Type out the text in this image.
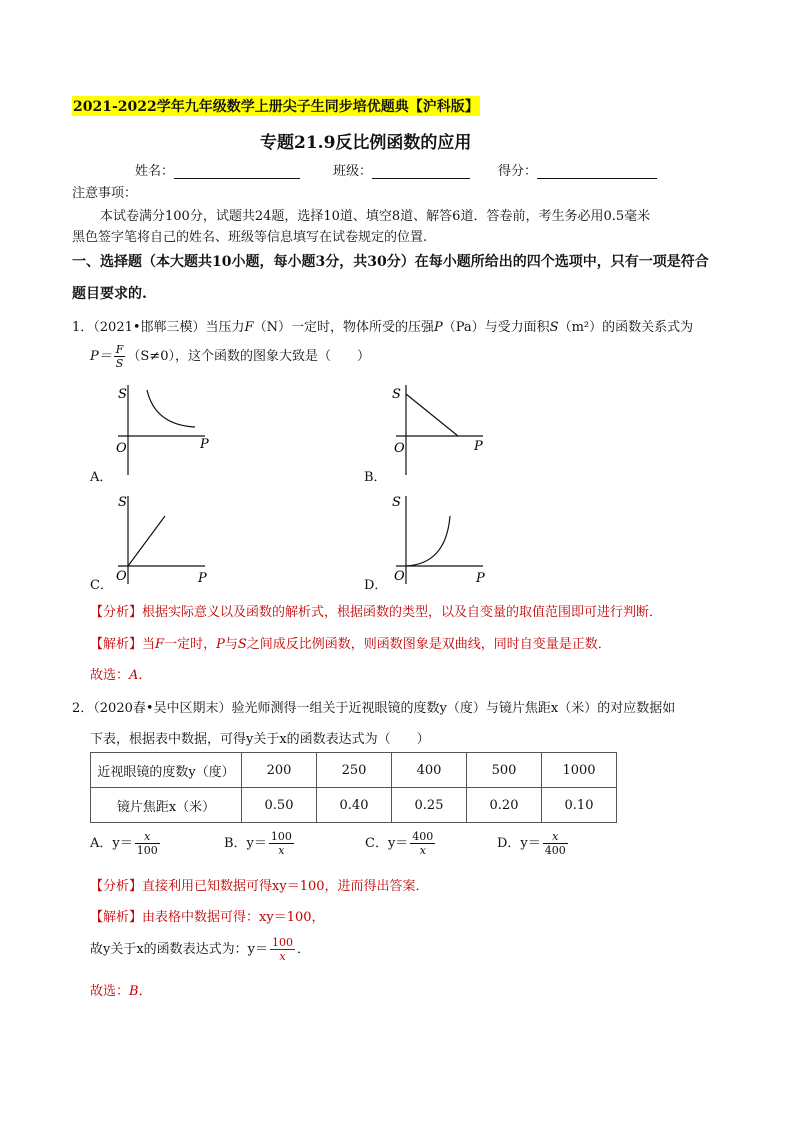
2021-2022学年九年级数学上册尖子生同步培优题典【沪科版】
专题21.9反比例函数的应用
姓名：	班级：	得分：
注意事项：
本试卷满分100分，试题共24题，选择10道、填空8道、解答6道．答卷前，考生务必用0.5毫米
黑色签字笔将自己的姓名、班级等信息填写在试卷规定的位置.
一、选择题（本大题共10小题，每小题3分，共30分）在每小题所给出的四个选项中，只有一项是符合
题目要求的.
1．（2021•邯郸三模）当压力F（N）一定时，物体所受的压强P（Pa）与受力面积S（m²）的函数关系式为
$P= \frac{F}{S} (S\ne 0)$，这个函数的图象大致是（　　）
A．
S
O	P
B．
S
O	P
C．
S
O	P	D．
S
O	P
【分析】根据实际意义以及函数的解析式，根据函数的类型，以及自变量的取值范围即可进行判断．
【解析】当F一定时，P与S之间成反比例函数，则函数图象是双曲线，同时自变量是正数．
故选：A．
2．（2020春•吴中区期末）验光师测得一组关于近视眼镜的度数y（度）与镜片焦距x（米）的对应数据如
下表，根据表中数据，可得y关于x的函数表达式为（　　）
近视眼镜的度数y（度）	200	250	400	500	1000
镜片焦距x（米）	0.50	0.40	0.25	0.20	0.10
A．$y= \frac{x}{100}$	B．$y= \frac{100}{x}$	C．$y= \frac{400}{x}$	D．$y= \frac{x}{400}$
【分析】直接利用已知数据可得xy＝100，进而得出答案．
【解析】由表格中数据可得：xy＝100，
故y关于x的函数表达式为：$y= \frac{100}{x}$ ．
故选：B．
